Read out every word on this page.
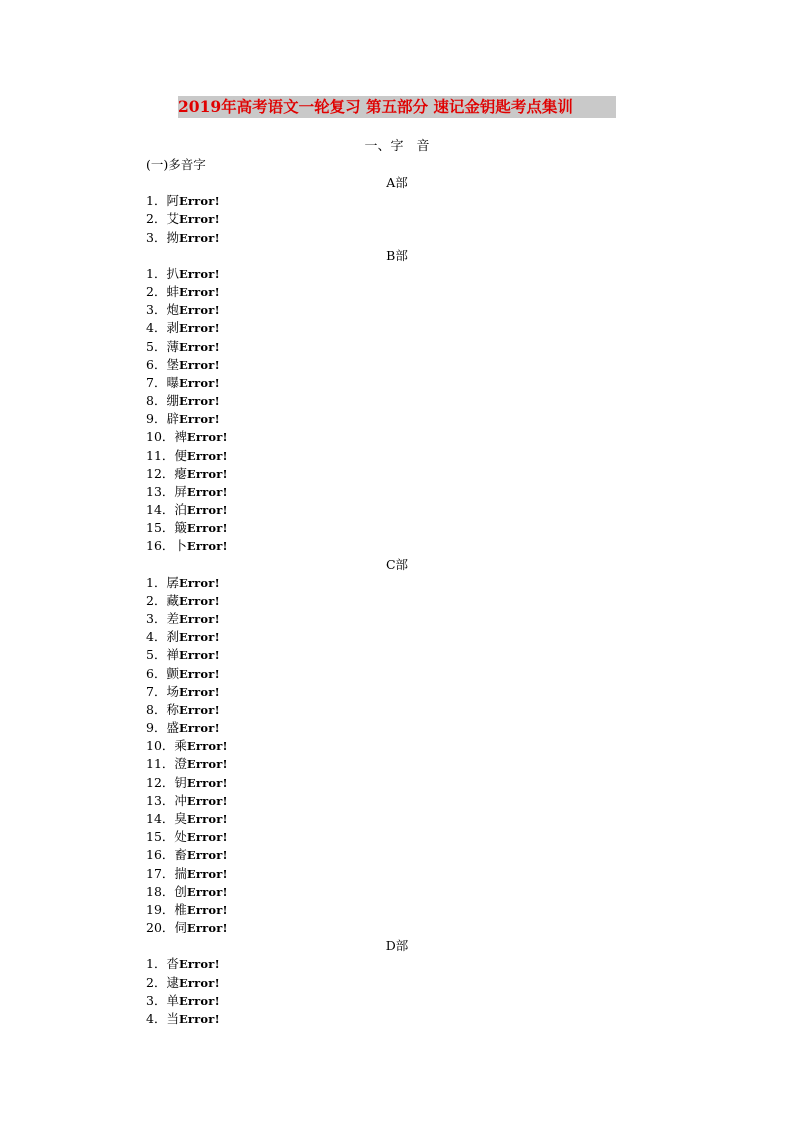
2019年高考语文一轮复习 第五部分 速记金钥匙考点集训
一、字　音
(一)多音字
A部
1．阿Error!
2．艾Error!
3．拗Error!
B部
1．扒Error!
2．蚌Error!
3．炮Error!
4．剥Error!
5．薄Error!
6．堡Error!
7．曝Error!
8．绷Error!
9．辟Error!
10．裨Error!
11．便Error!
12．瘪Error!
13．屏Error!
14．泊Error!
15．簸Error!
16．卜Error!
C部
1．孱Error!
2．藏Error!
3．差Error!
4．刹Error!
5．禅Error!
6．颤Error!
7．场Error!
8．称Error!
9．盛Error!
10．乘Error!
11．澄Error!
12．钥Error!
13．冲Error!
14．臭Error!
15．处Error!
16．畜Error!
17．揣Error!
18．创Error!
19．椎Error!
20．伺Error!
D部
1．沓Error!
2．逮Error!
3．单Error!
4．当Error!
